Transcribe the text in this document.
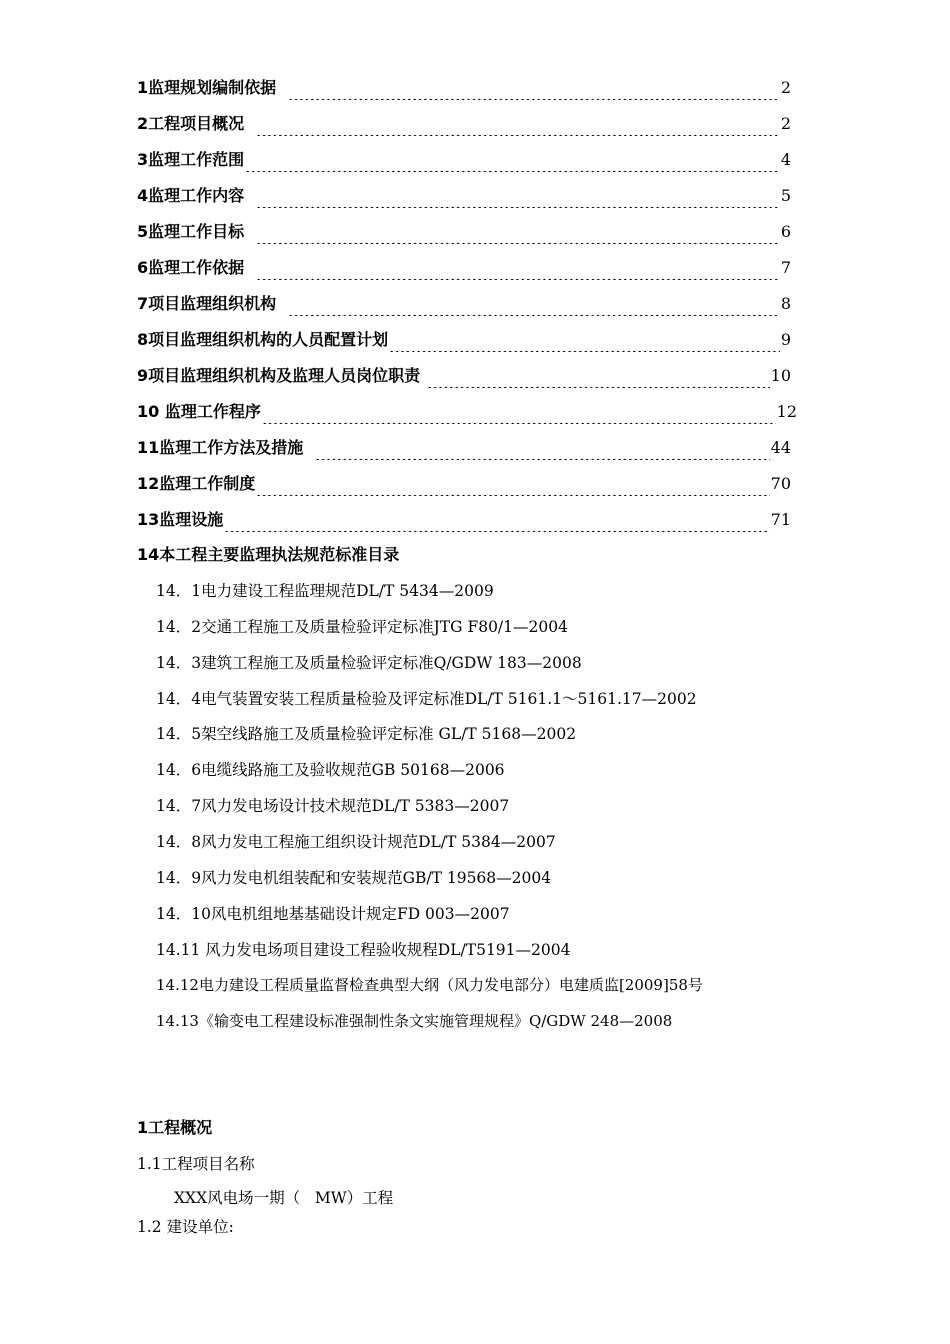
1监理规划编制依据	2
2工程项目概况	2
3监理工作范围	4
4监理工作内容	5
5监理工作目标	6
6监理工作依据	7
7项目监理组织机构	8
8项目监理组织机构的人员配置计划	9
9项目监理组织机构及监理人员岗位职责	10
10 监理工作程序	12
11监理工作方法及措施	44
12监理工作制度	70
13监理设施	71
14本工程主要监理执法规范标准目录
14．1电力建设工程监理规范DL/T 5434—2009
14．2交通工程施工及质量检验评定标准JTG F80/1—2004
14．3建筑工程施工及质量检验评定标准Q/GDW 183—2008
14．4电气装置安装工程质量检验及评定标准DL/T 5161.1～5161.17—2002
14．5架空线路施工及质量检验评定标准 GL/T 5168—2002
14．6电缆线路施工及验收规范GB 50168—2006
14．7风力发电场设计技术规范DL/T 5383—2007
14．8风力发电工程施工组织设计规范DL/T 5384—2007
14．9风力发电机组装配和安装规范GB/T 19568—2004
14．10风电机组地基基础设计规定FD 003—2007
14.11 风力发电场项目建设工程验收规程DL/T5191—2004
14.12电力建设工程质量监督检查典型大纲（风力发电部分）电建质监[2009]58号
14.13《输变电工程建设标准强制性条文实施管理规程》Q/GDW 248—2008
1工程概况
1.1工程项目名称
XXX风电场一期（   MW）工程
1.2 建设单位:
